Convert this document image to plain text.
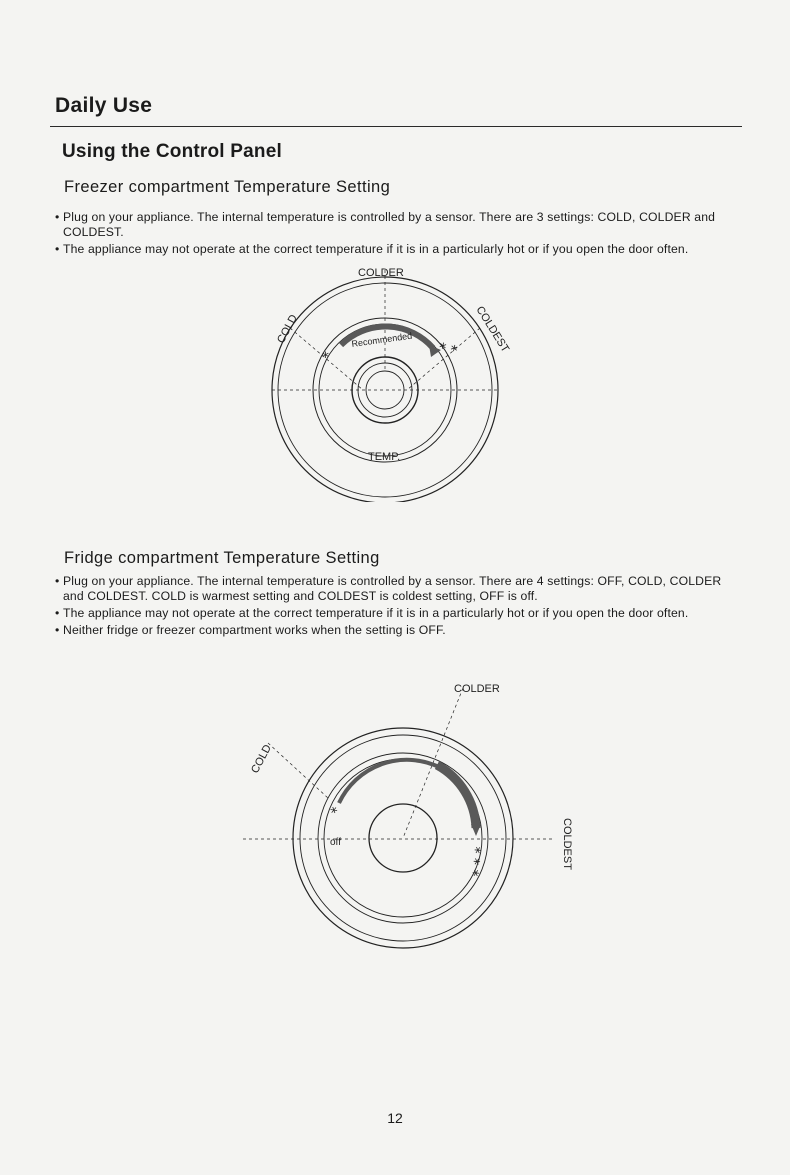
Daily Use
Using the Control Panel
Freezer compartment Temperature Setting
• Plug on your appliance. The internal temperature is controlled by a sensor. There are 3 settings: COLD, COLDER and COLDEST.
• The appliance may not operate at the correct temperature if it is in a particularly hot or if you open the door often.
COLDER
COLD	COLDEST
Recommended
TEMP.
*	* *
Fridge compartment Temperature Setting
• Plug on your appliance. The internal temperature is controlled by a sensor. There are 4 settings: OFF, COLD, COLDER and COLDEST. COLD is warmest setting and COLDEST is coldest setting, OFF is off.
• The appliance may not operate at the correct temperature if it is in a particularly hot or if you open the door often.
• Neither fridge or freezer compartment works when the setting is OFF.
COLDER
COLD
COLDEST
off
*
* * *
12
